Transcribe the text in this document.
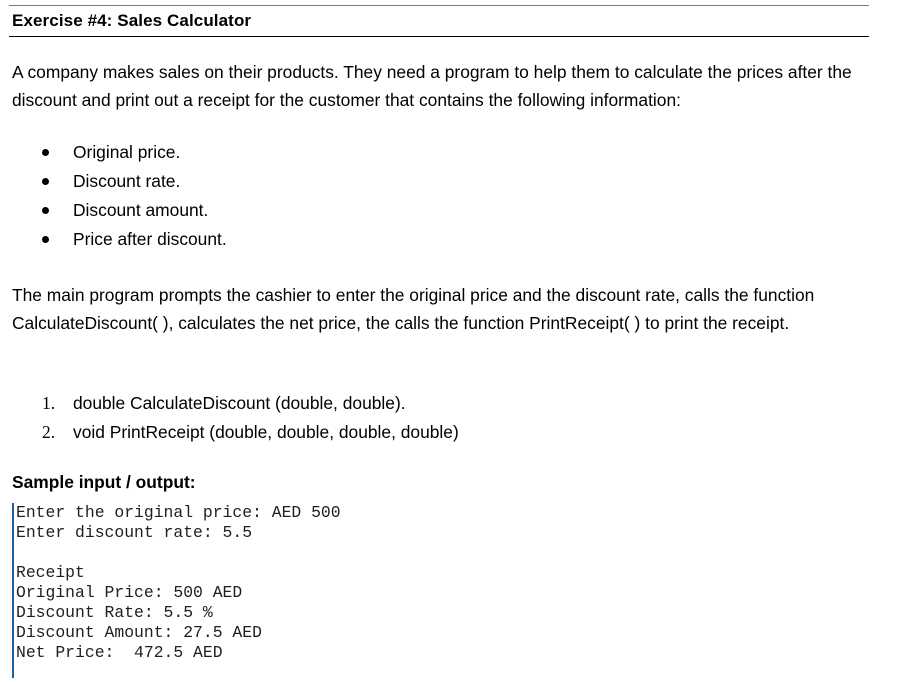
Exercise #4: Sales Calculator
A company makes sales on their products. They need a program to help them to calculate the prices after the discount and print out a receipt for the customer that contains the following information:
Original price.
Discount rate.
Discount amount.
Price after discount.
The main program prompts the cashier to enter the original price and the discount rate, calls the function CalculateDiscount( ), calculates the net price, the calls the function PrintReceipt( ) to print the receipt.
1. double CalculateDiscount (double, double).
2. void PrintReceipt (double, double, double, double)
Sample input / output:
Enter the original price: AED 500
Enter discount rate: 5.5
Receipt
Original Price: 500 AED
Discount Rate: 5.5 %
Discount Amount: 27.5 AED
Net Price:  472.5 AED
